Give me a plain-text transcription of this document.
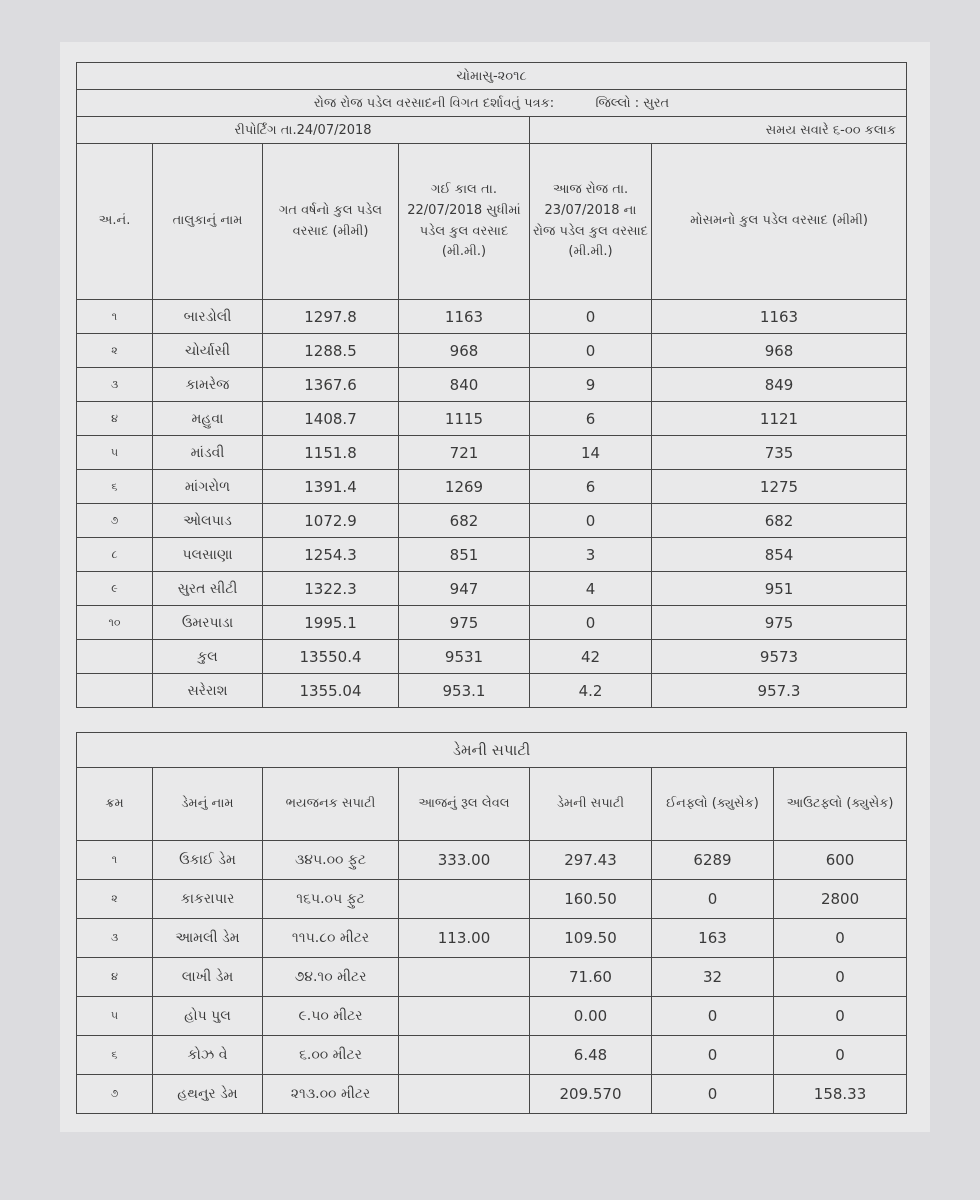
ચોમાસુ-૨૦૧૮					
રોજ રોજ પડેલ વરસાદની વિગત દર્શાવતું પત્રક: જિલ્લો : સુરત					
રીપોર્ટિંગ તા.24/07/2018				સમય સવારે ૬-૦૦ કલાક	
અ.નં.	તાલુકાનું નામ	ગત વર્ષનો કુલ પડેલ વરસાદ (મીમી)	ગઈ કાલ તા. 22/07/2018 સુધીમાં પડેલ કુલ વરસાદ (મી.મી.)	આજ રોજ તા. 23/07/2018 ના રોજ પડેલ કુલ વરસાદ (મી.મી.)	મોસમનો કુલ પડેલ વરસાદ (મીમી)
૧	બારડોલી	1297.8	1163	0	1163
૨	ચોર્યાસી	1288.5	968	0	968
૩	કામરેજ	1367.6	840	9	849
૪	મહુવા	1408.7	1115	6	1121
૫	માંડવી	1151.8	721	14	735
૬	માંગરોળ	1391.4	1269	6	1275
૭	ઓલપાડ	1072.9	682	0	682
૮	પલસાણા	1254.3	851	3	854
૯	સુરત સીટી	1322.3	947	4	951
૧૦	ઉમરપાડા	1995.1	975	0	975
	કુલ	13550.4	9531	42	9573
	સરેરાશ	1355.04	953.1	4.2	957.3
ડેમની સપાટી						
ક્રમ	ડેમનું નામ	ભયજનક સપાટી	આજનું રૂલ લેવલ	ડેમની સપાટી	ઈનફ્લો (ક્યુસેક)	આઉટફ્લો (ક્યુસેક)
૧	ઉકાઈ ડેમ	૩૪૫.૦૦ ફુટ	333.00	297.43	6289	600
૨	કાકરાપાર	૧૬૫.૦૫ ફુટ		160.50	0	2800
૩	આમલી ડેમ	૧૧૫.૮૦ મીટર	113.00	109.50	163	0
૪	લાખી ડેમ	૭૪.૧૦ મીટર		71.60	32	0
૫	હોપ પુલ	૯.૫૦ મીટર		0.00	0	0
૬	કોઝ વે	૬.૦૦ મીટર		6.48	0	0
૭	હથનુર ડેમ	૨૧૩.૦૦ મીટર		209.570	0	158.33
